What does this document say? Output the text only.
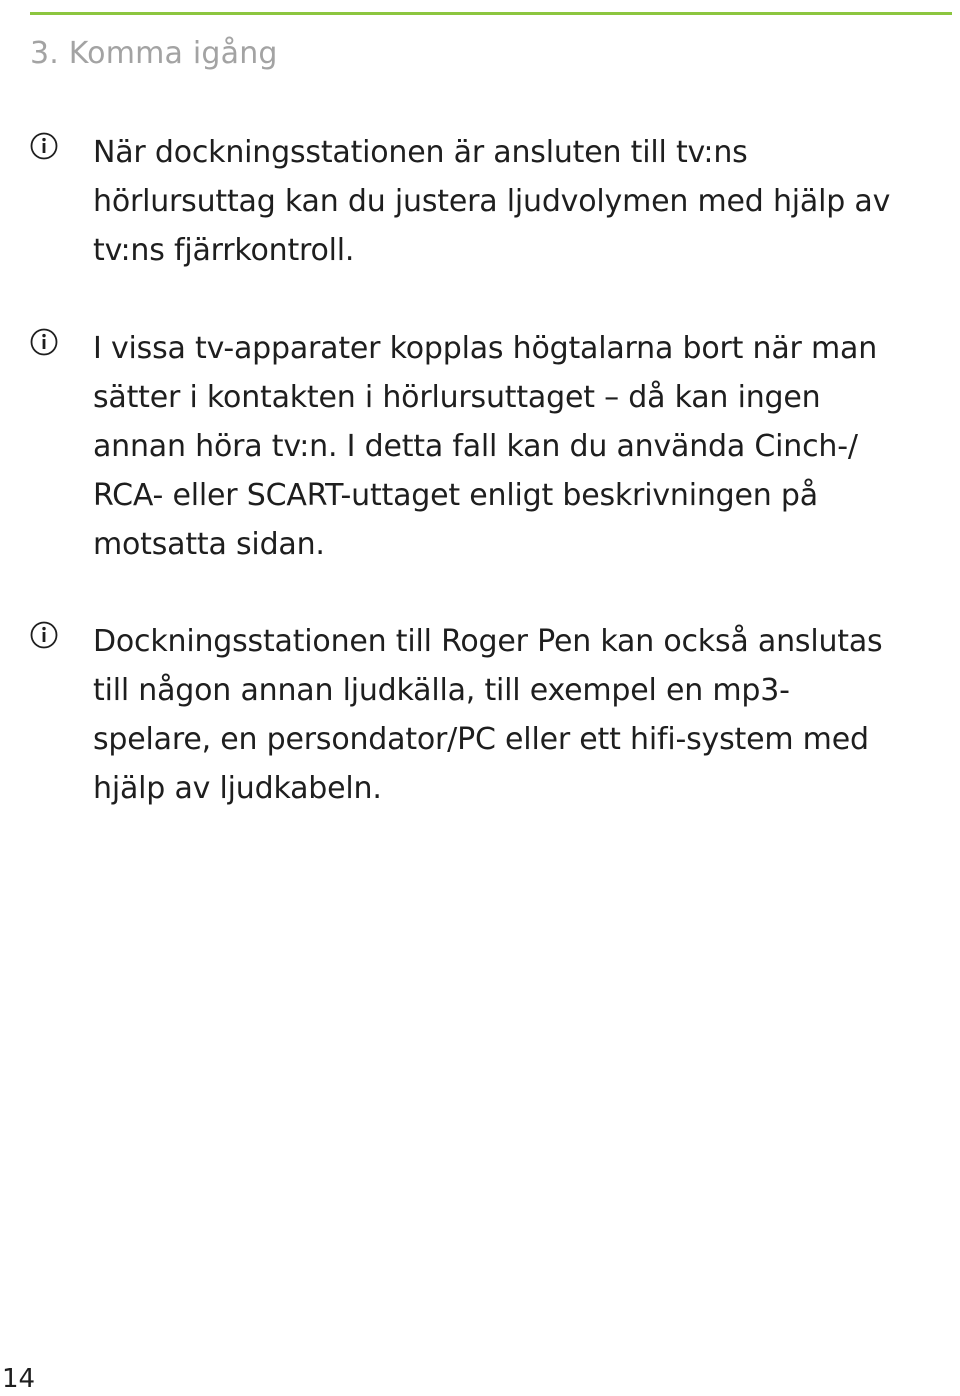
3. Komma igång
När dockningsstationen är ansluten till tv:ns
hörlursuttag kan du justera ljudvolymen med hjälp av
tv:ns fjärrkontroll.
I vissa tv-apparater kopplas högtalarna bort när man
sätter i kontakten i hörlursuttaget – då kan ingen
annan höra tv:n. I detta fall kan du använda Cinch-/
RCA- eller SCART-uttaget enligt beskrivningen på
motsatta sidan.
Dockningsstationen till Roger Pen kan också anslutas
till någon annan ljudkälla, till exempel en mp3-
spelare, en persondator/PC eller ett hifi-system med
hjälp av ljudkabeln.
14
